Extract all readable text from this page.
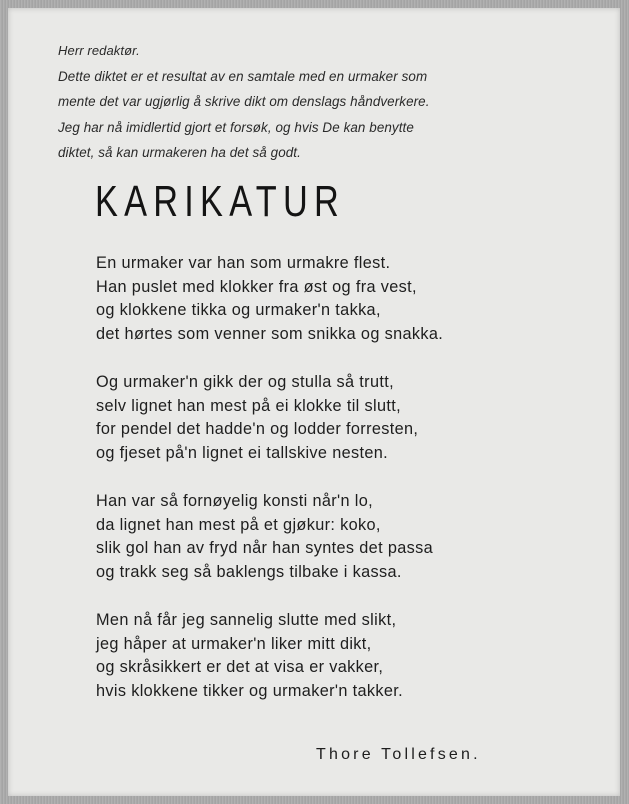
Herr redaktør.
Dette diktet er et resultat av en samtale med en urmaker som
mente det var ugjørlig å skrive dikt om denslags håndverkere.
Jeg har nå imidlertid gjort et forsøk, og hvis De kan benytte
diktet, så kan urmakeren ha det så godt.
KARIKATUR
En urmaker var han som urmakre flest.
Han puslet med klokker fra øst og fra vest,
og klokkene tikka og urmaker'n takka,
det hørtes som venner som snikka og snakka.
Og urmaker'n gikk der og stulla så trutt,
selv lignet han mest på ei klokke til slutt,
for pendel det hadde'n og lodder forresten,
og fjeset på'n lignet ei tallskive nesten.
Han var så fornøyelig konsti når'n lo,
da lignet han mest på et gjøkur: koko,
slik gol han av fryd når han syntes det passa
og trakk seg så baklengs tilbake i kassa.
Men nå får jeg sannelig slutte med slikt,
jeg håper at urmaker'n liker mitt dikt,
og skråsikkert er det at visa er vakker,
hvis klokkene tikker og urmaker'n takker.
Thore Tollefsen.
